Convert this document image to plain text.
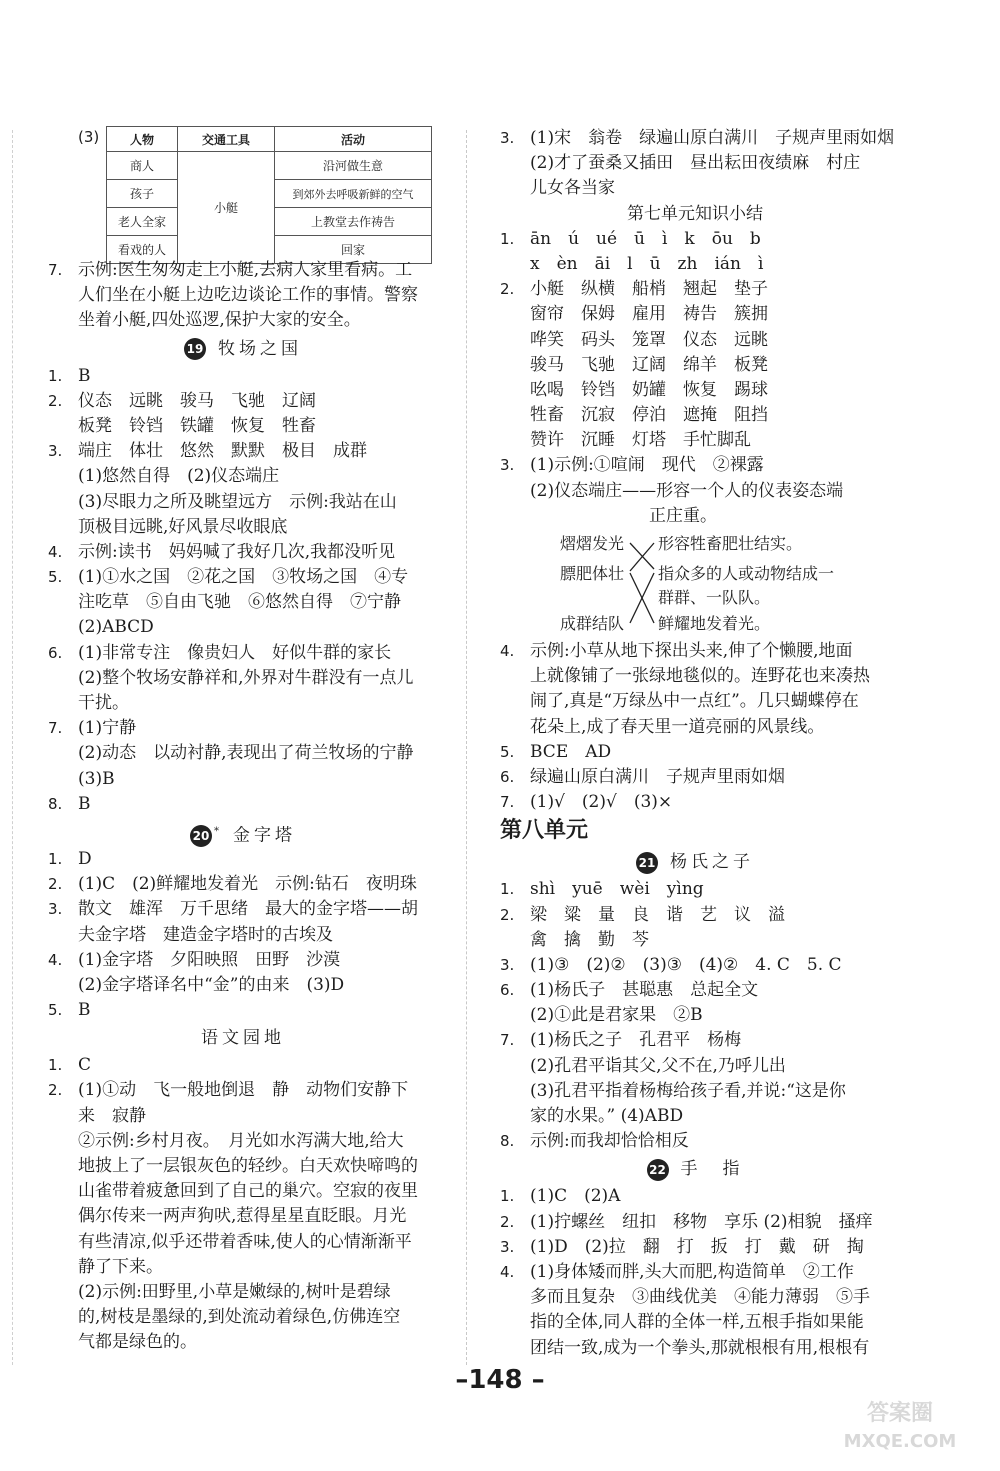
(3)	人物	交通工具	活动
商人	小艇	沿河做生意
孩子		到郊外去呼吸新鲜的空气
老人全家		上教堂去作祷告
看戏的人		回家
7. 示例:医生匆匆走上小艇,去病人家里看病。工
人们坐在小艇上边吃边谈论工作的事情。警察
坐着小艇,四处巡逻,保护大家的安全。
19 牧场之国
1. B
2. 仪态　远眺　骏马　飞驰　辽阔
板凳　铃铛　铁罐　恢复　牲畜
3. 端庄　体壮　悠然　默默　极目　成群
(1)悠然自得　(2)仪态端庄
(3)尽眼力之所及眺望远方　示例:我站在山
顶极目远眺,好风景尽收眼底
4. 示例:读书　妈妈喊了我好几次,我都没听见
5. (1)①水之国　②花之国　③牧场之国　④专
注吃草　⑤自由飞驰　⑥悠然自得　⑦宁静
(2)ABCD
6. (1)非常专注　像贵妇人　好似牛群的家长
(2)整个牧场安静祥和,外界对牛群没有一点儿
干扰。
7. (1)宁静
(2)动态　以动衬静,表现出了荷兰牧场的宁静
(3)B
8. B
20 * 金字塔
1. D
2. (1)C　(2)鲜耀地发着光　示例:钻石　夜明珠
3. 散文　雄浑　万千思绪　最大的金字塔——胡
夫金字塔　建造金字塔时的古埃及
4. (1)金字塔　夕阳映照　田野　沙漠
(2)金字塔译名中“金”的由来　(3)D
5. B
语文园地
1. C
2. (1)①动　飞一般地倒退　静　动物们安静下
来　寂静
②示例:乡村月夜。　月光如水泻满大地,给大
地披上了一层银灰色的轻纱。白天欢快啼鸣的
山雀带着疲惫回到了自己的巢穴。空寂的夜里
偶尔传来一两声狗吠,惹得星星直眨眼。月光
有些清凉,似乎还带着香味,使人的心情渐渐平
静了下来。
(2)示例:田野里,小草是嫩绿的,树叶是碧绿
的,树枝是墨绿的,到处流动着绿色,仿佛连空
气都是绿色的。
3. (1)宋　翁卷　绿遍山原白满川　子规声里雨如烟
(2)才了蚕桑又插田　昼出耘田夜绩麻　村庄
儿女各当家
第七单元知识小结
1. ān　ú　ué　ū　ì　k　ōu　b
x　èn　āi　l　ū　zh　ián　ì
2. 小艇　纵横　船梢　翘起　垫子
窗帘　保姆　雇用　祷告　簇拥
哗笑　码头　笼罩　仪态　远眺
骏马　飞驰　辽阔　绵羊　板凳
吆喝　铃铛　奶罐　恢复　踢球
牲畜　沉寂　停泊　遮掩　阻挡
赞许　沉睡　灯塔　手忙脚乱
3. (1)示例:①喧闹　现代　②裸露
(2)仪态端庄——形容一个人的仪表姿态端
　　　　　　　正庄重。
熠熠发光
膘肥体壮
成群结队
形容牲畜肥壮结实。
指众多的人或动物结成一
群群、一队队。
鲜耀地发着光。
4. 示例:小草从地下探出头来,伸了个懒腰,地面
上就像铺了一张绿地毯似的。连野花也来凑热
闹了,真是“万绿丛中一点红”。几只蝴蝶停在
花朵上,成了春天里一道亮丽的风景线。
5. BCE　AD
6. 绿遍山原白满川　子规声里雨如烟
7. (1)√　(2)√　(3)×
第八单元
21 杨氏之子
1. shì　yuē　wèi　yìng
2. 梁　粱　量　良　谐　艺　议　溢
禽　擒　勤　芩
3. (1)③　(2)②　(3)③　(4)②　4. C　5. C
6. (1)杨氏子　甚聪惠　总起全文
(2)①此是君家果　②B
7. (1)杨氏之子　孔君平　杨梅
(2)孔君平诣其父,父不在,乃呼儿出
(3)孔君平指着杨梅给孩子看,并说:“这是你
家的水果。” (4)ABD
8. 示例:而我却恰恰相反
22 手　指
1. (1)C　(2)A
2. (1)拧螺丝　纽扣　移物　享乐 (2)相貌　搔痒
3. (1)D　(2)拉　翻　打　扳　打　戴　研　掏
4. (1)身体矮而胖,头大而肥,构造简单　②工作
多而且复杂　③曲线优美　④能力薄弱　⑤手
指的全体,同人群的全体一样,五根手指如果能
团结一致,成为一个拳头,那就根根有用,根根有
–148 –
答案圈
MXQE.COM
